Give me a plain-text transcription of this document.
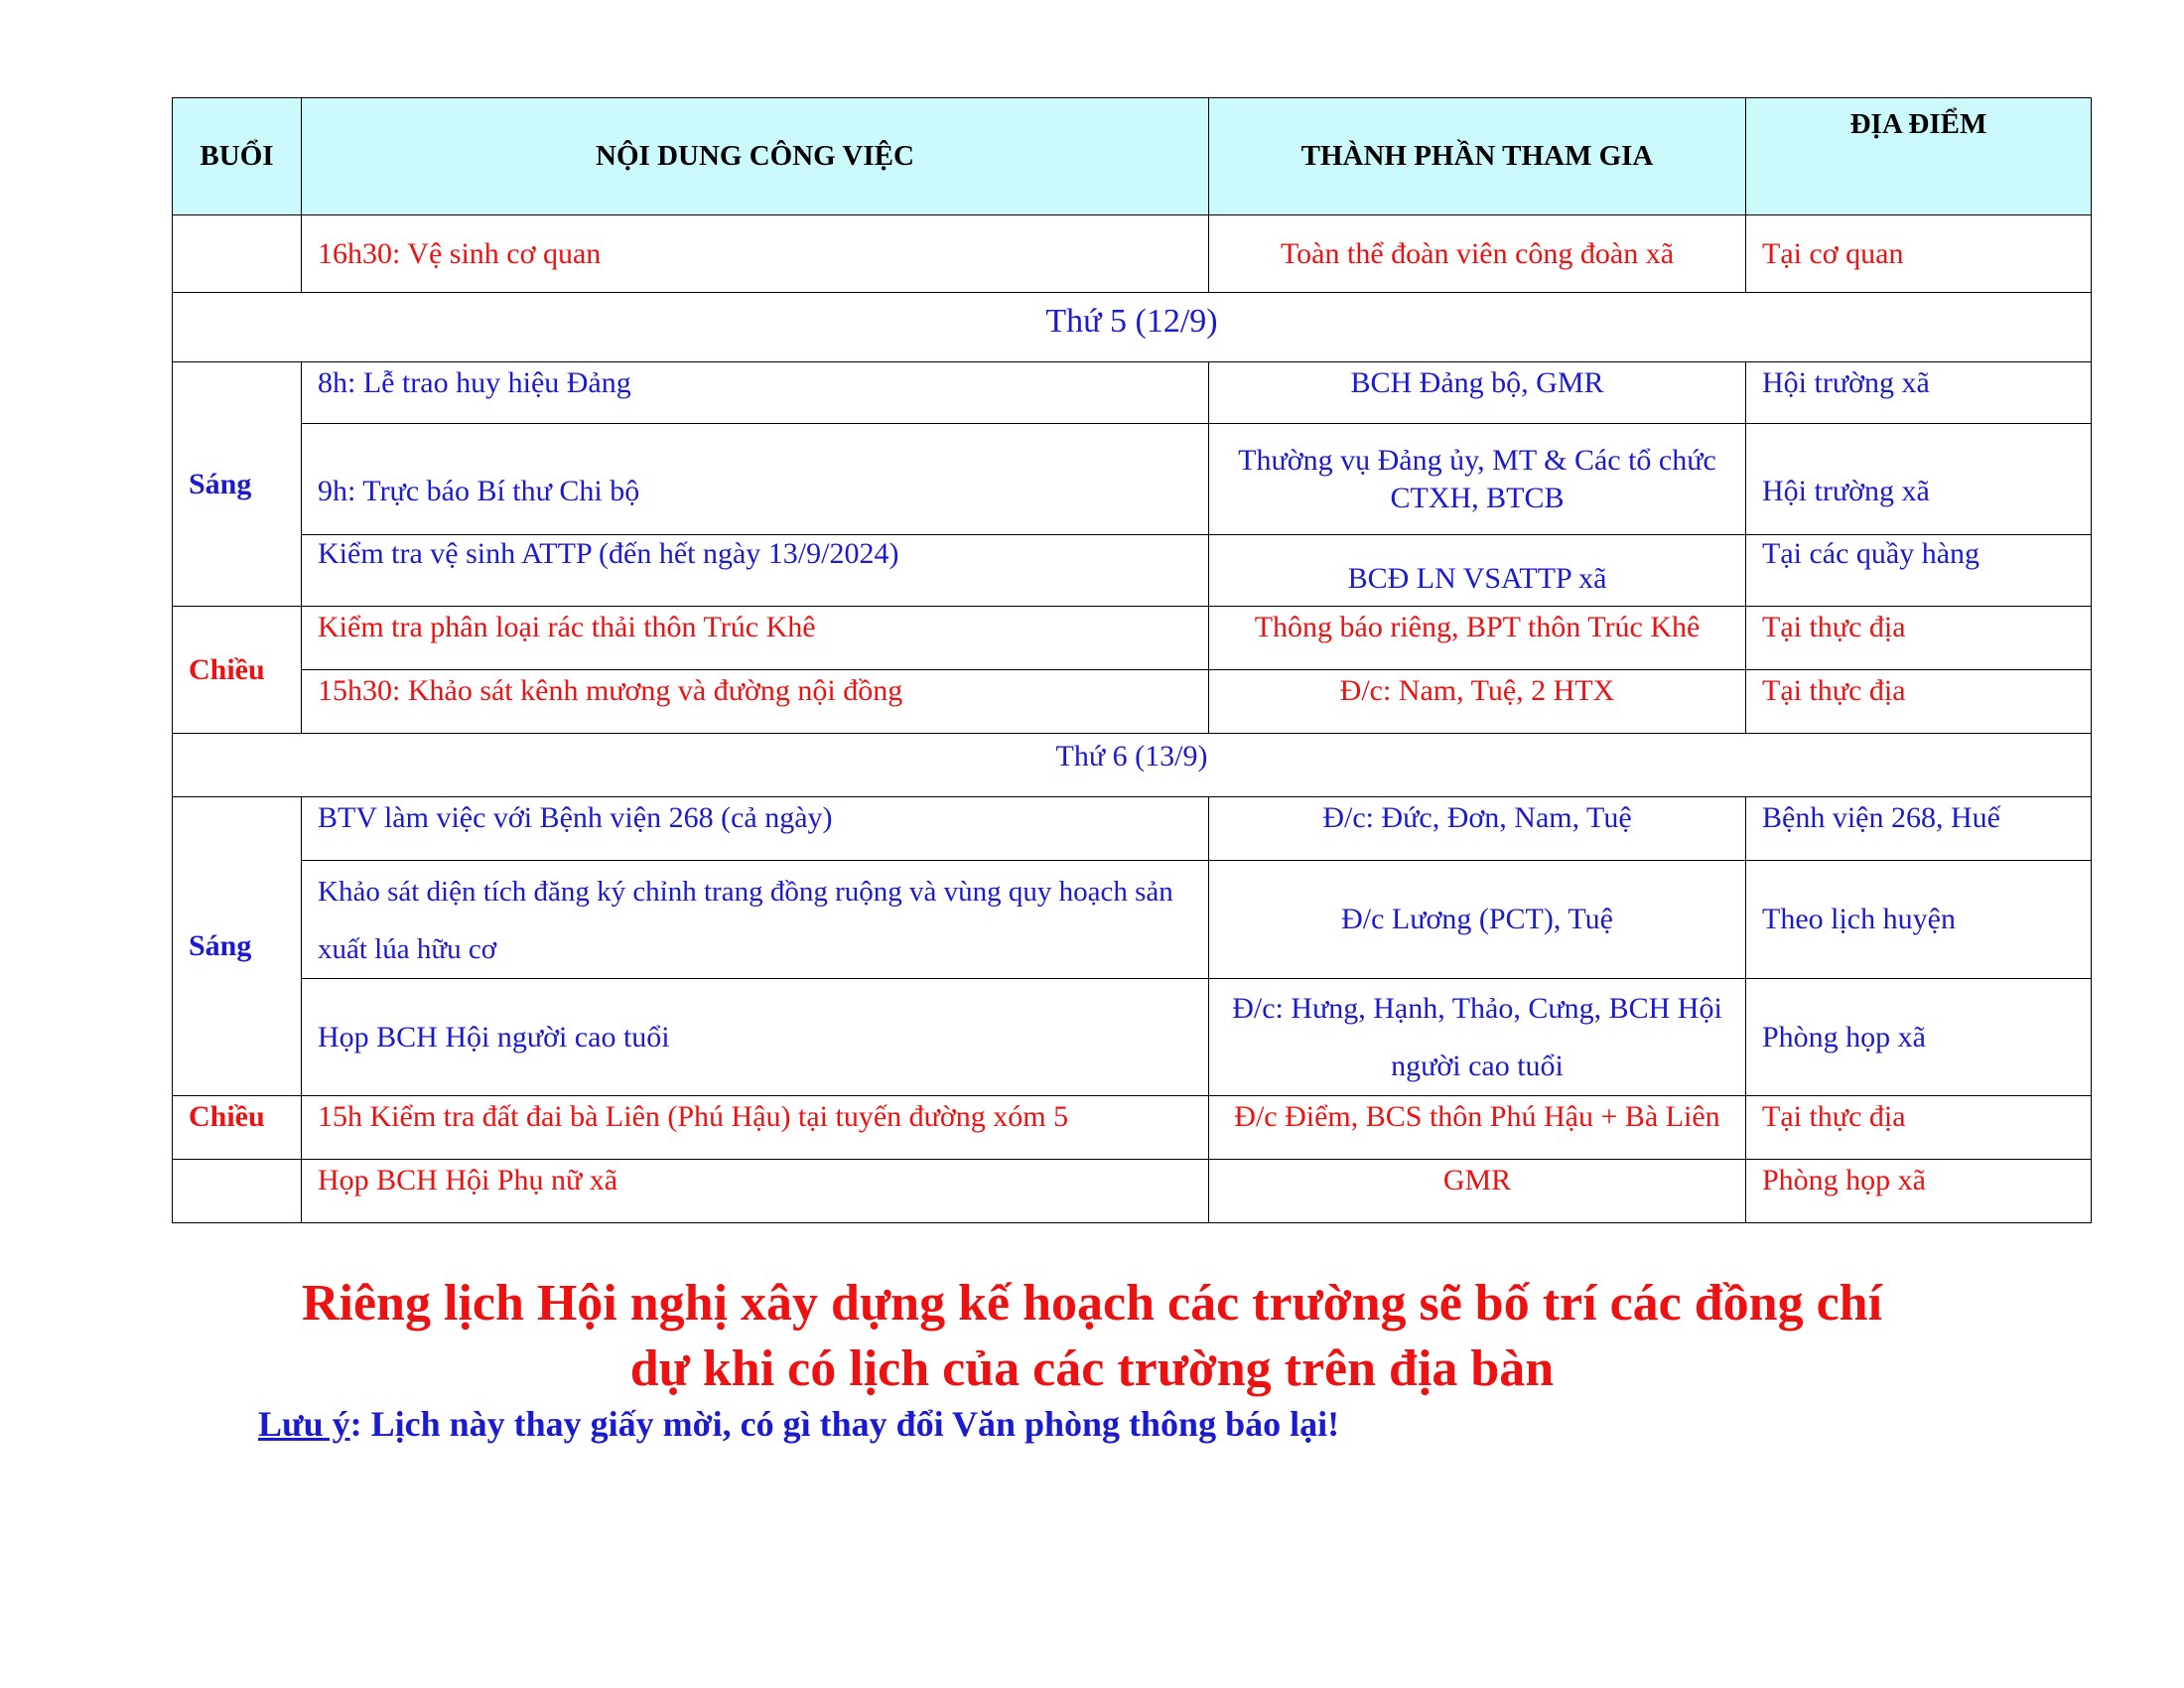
BUỔI	NỘI DUNG CÔNG VIỆC	THÀNH PHẦN THAM GIA	ĐỊA ĐIỂM
	16h30: Vệ sinh cơ quan	Toàn thể đoàn viên công đoàn xã	Tại cơ quan
Thứ 5 (12/9)			
Sáng	8h: Lễ trao huy hiệu Đảng	BCH Đảng bộ, GMR	Hội trường xã
	9h: Trực báo Bí thư Chi bộ	Thường vụ Đảng ủy, MT & Các tổ chức CTXH, BTCB	Hội trường xã
	Kiểm tra vệ sinh ATTP (đến hết ngày 13/9/2024)	BCĐ LN VSATTP xã	Tại các quầy hàng
Chiều	Kiểm tra phân loại rác thải thôn Trúc Khê	Thông báo riêng, BPT thôn Trúc Khê	Tại thực địa
	15h30: Khảo sát kênh mương và đường nội đồng	Đ/c: Nam, Tuệ, 2 HTX	Tại thực địa
Thứ 6 (13/9)			
Sáng	BTV làm việc với Bệnh viện 268 (cả ngày)	Đ/c: Đức, Đơn, Nam, Tuệ	Bệnh viện 268, Huế
	Khảo sát diện tích đăng ký chỉnh trang đồng ruộng và vùng quy hoạch sản xuất lúa hữu cơ	Đ/c Lương (PCT), Tuệ	Theo lịch huyện
	Họp BCH Hội người cao tuổi	Đ/c: Hưng, Hạnh, Thảo, Cưng, BCH Hội người cao tuổi	Phòng họp xã
Chiều	15h Kiểm tra đất đai bà Liên (Phú Hậu) tại tuyến đường xóm 5	Đ/c Điểm, BCS thôn Phú Hậu + Bà Liên	Tại thực địa
	Họp BCH Hội Phụ nữ xã	GMR	Phòng họp xã
Riêng lịch Hội nghị xây dựng kế hoạch các trường sẽ bố trí các đồng chí
dự khi có lịch của các trường trên địa bàn
Lưu ý: Lịch này thay giấy mời, có gì thay đổi Văn phòng thông báo lại!
